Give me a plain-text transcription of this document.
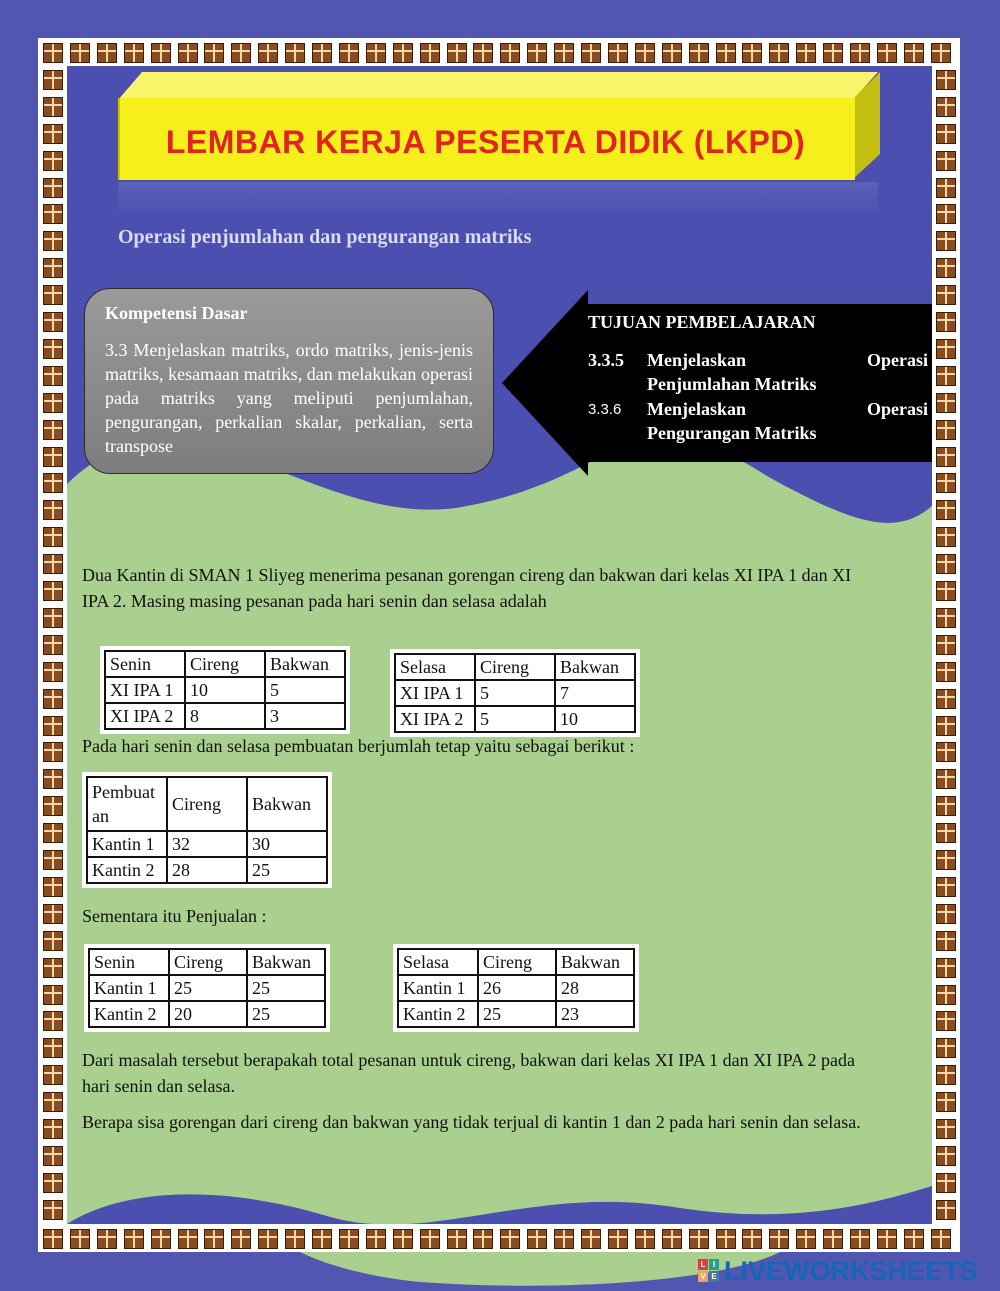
LEMBAR KERJA PESERTA DIDIK (LKPD)
Operasi penjumlahan dan pengurangan matriks
Kompetensi Dasar
3.3 Menjelaskan matriks, ordo matriks, jenis-jenis matriks, kesamaan matriks, dan melakukan operasi pada matriks yang meliputi penjumlahan, pengurangan, perkalian skalar, perkalian, serta transpose
TUJUAN PEMBELAJARAN
3.3.5 Menjelaskan	Operasi
Penjumlahan Matriks
3.3.6 Menjelaskan	Operasi
Pengurangan Matriks
Dua Kantin di SMAN 1 Sliyeg menerima pesanan gorengan cireng dan bakwan dari kelas XI IPA 1 dan XI
IPA 2. Masing masing pesanan pada hari senin dan selasa adalah
Senin	Cireng	Bakwan
XI IPA 1	10	5
XI IPA 2	8	3
Selasa	Cireng	Bakwan
XI IPA 1	5	7
XI IPA 2	5	10
Pada hari senin dan selasa pembuatan berjumlah tetap yaitu sebagai berikut :
Pembuat
an	Cireng	Bakwan
Kantin 1	32	30
Kantin 2	28	25
Sementara itu Penjualan :
Senin	Cireng	Bakwan
Kantin 1	25	25
Kantin 2	20	25
Selasa	Cireng	Bakwan
Kantin 1	26	28
Kantin 2	25	23
Dari masalah tersebut berapakah total pesanan untuk cireng, bakwan dari kelas XI IPA 1 dan XI IPA 2 pada
hari senin dan selasa.
Berapa sisa gorengan dari cireng dan bakwan yang tidak terjual di kantin 1 dan 2 pada hari senin dan selasa.
L I
V E LIVEWORKSHEETS
